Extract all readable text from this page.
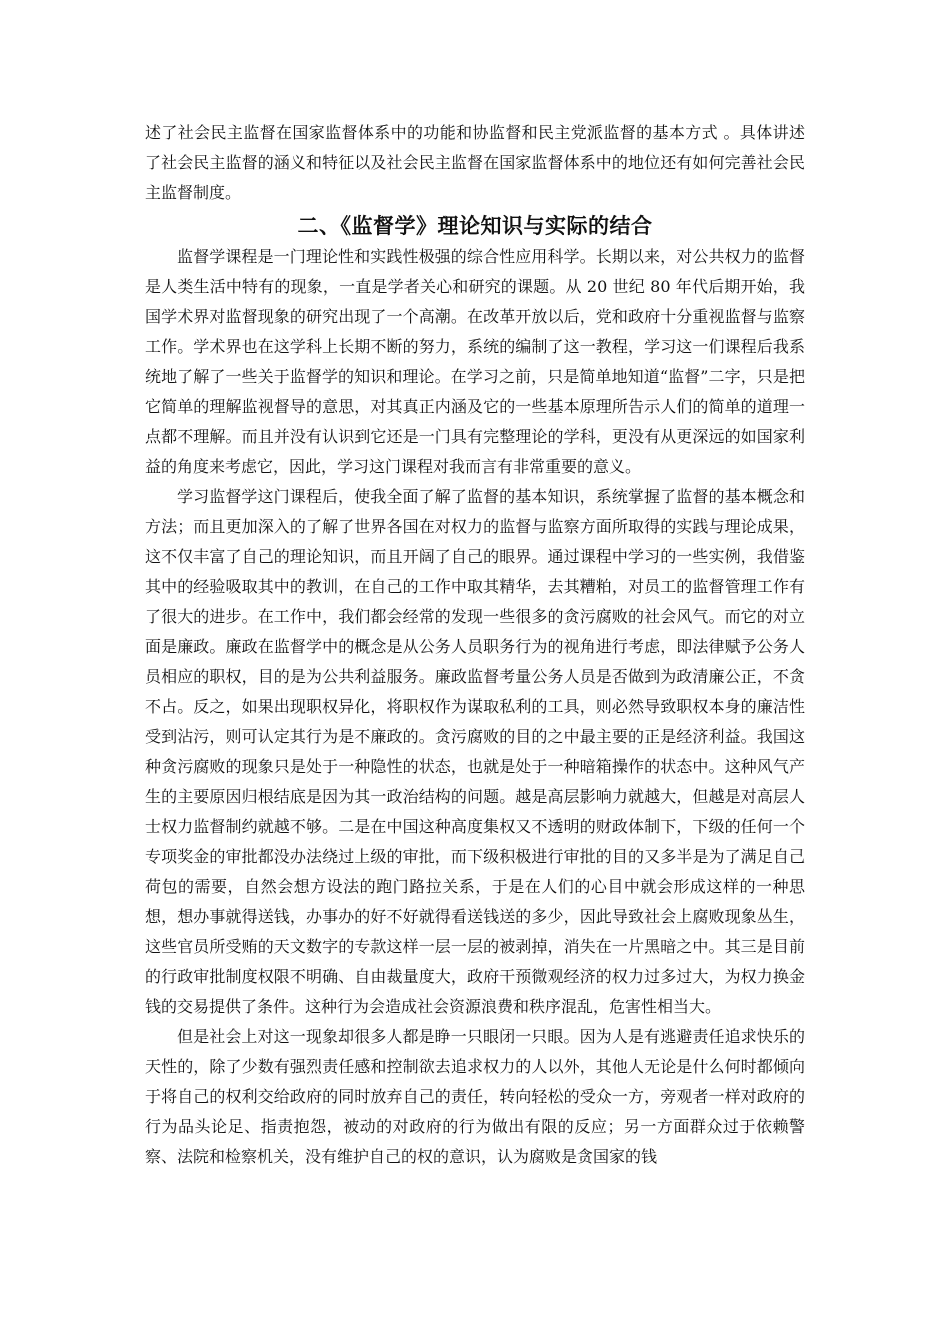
述了社会民主监督在国家监督体系中的功能和协监督和民主党派监督的基本方式 。具体讲述了社会民主监督的涵义和特征以及社会民主监督在国家监督体系中的地位还有如何完善社会民主监督制度。

二、《监督学》理论知识与实际的结合

监督学课程是一门理论性和实践性极强的综合性应用科学。长期以来，对公共权力的监督是人类生活中特有的现象，一直是学者关心和研究的课题。从 20 世纪 80 年代后期开始，我国学术界对监督现象的研究出现了一个高潮。在改革开放以后，党和政府十分重视监督与监察工作。学术界也在这学科上长期不断的努力，系统的编制了这一教程，学习这一们课程后我系统地了解了一些关于监督学的知识和理论。在学习之前，只是简单地知道“监督”二字，只是把它简单的理解监视督导的意思，对其真正内涵及它的一些基本原理所告示人们的简单的道理一点都不理解。而且并没有认识到它还是一门具有完整理论的学科，更没有从更深远的如国家利益的角度来考虑它，因此，学习这门课程对我而言有非常重要的意义。

学习监督学这门课程后，使我全面了解了监督的基本知识，系统掌握了监督的基本概念和方法；而且更加深入的了解了世界各国在对权力的监督与监察方面所取得的实践与理论成果，这不仅丰富了自己的理论知识，而且开阔了自己的眼界。通过课程中学习的一些实例，我借鉴其中的经验吸取其中的教训，在自己的工作中取其精华，去其糟粕，对员工的监督管理工作有了很大的进步。在工作中，我们都会经常的发现一些很多的贪污腐败的社会风气。而它的对立面是廉政。廉政在监督学中的概念是从公务人员职务行为的视角进行考虑，即法律赋予公务人员相应的职权，目的是为公共利益服务。廉政监督考量公务人员是否做到为政清廉公正，不贪不占。反之，如果出现职权异化，将职权作为谋取私利的工具，则必然导致职权本身的廉洁性受到沾污，则可认定其行为是不廉政的。贪污腐败的目的之中最主要的正是经济利益。我国这种贪污腐败的现象只是处于一种隐性的状态，也就是处于一种暗箱操作的状态中。这种风气产生的主要原因归根结底是因为其一政治结构的问题。越是高层影响力就越大，但越是对高层人士权力监督制约就越不够。二是在中国这种高度集权又不透明的财政体制下，下级的任何一个专项奖金的审批都没办法绕过上级的审批，而下级积极进行审批的目的又多半是为了满足自己荷包的需要，自然会想方设法的跑门路拉关系，于是在人们的心目中就会形成这样的一种思想，想办事就得送钱，办事办的好不好就得看送钱送的多少，因此导致社会上腐败现象丛生，这些官员所受贿的天文数字的专款这样一层一层的被剥掉，消失在一片黑暗之中。其三是目前的行政审批制度权限不明确、自由裁量度大，政府干预微观经济的权力过多过大，为权力换金钱的交易提供了条件。这种行为会造成社会资源浪费和秩序混乱，危害性相当大。

但是社会上对这一现象却很多人都是睁一只眼闭一只眼。因为人是有逃避责任追求快乐的天性的，除了少数有强烈责任感和控制欲去追求权力的人以外，其他人无论是什么何时都倾向于将自己的权利交给政府的同时放弃自己的责任，转向轻松的受众一方，旁观者一样对政府的行为品头论足、指责抱怨，被动的对政府的行为做出有限的反应；另一方面群众过于依赖警察、法院和检察机关，没有维护自己的权的意识，认为腐败是贪国家的钱
